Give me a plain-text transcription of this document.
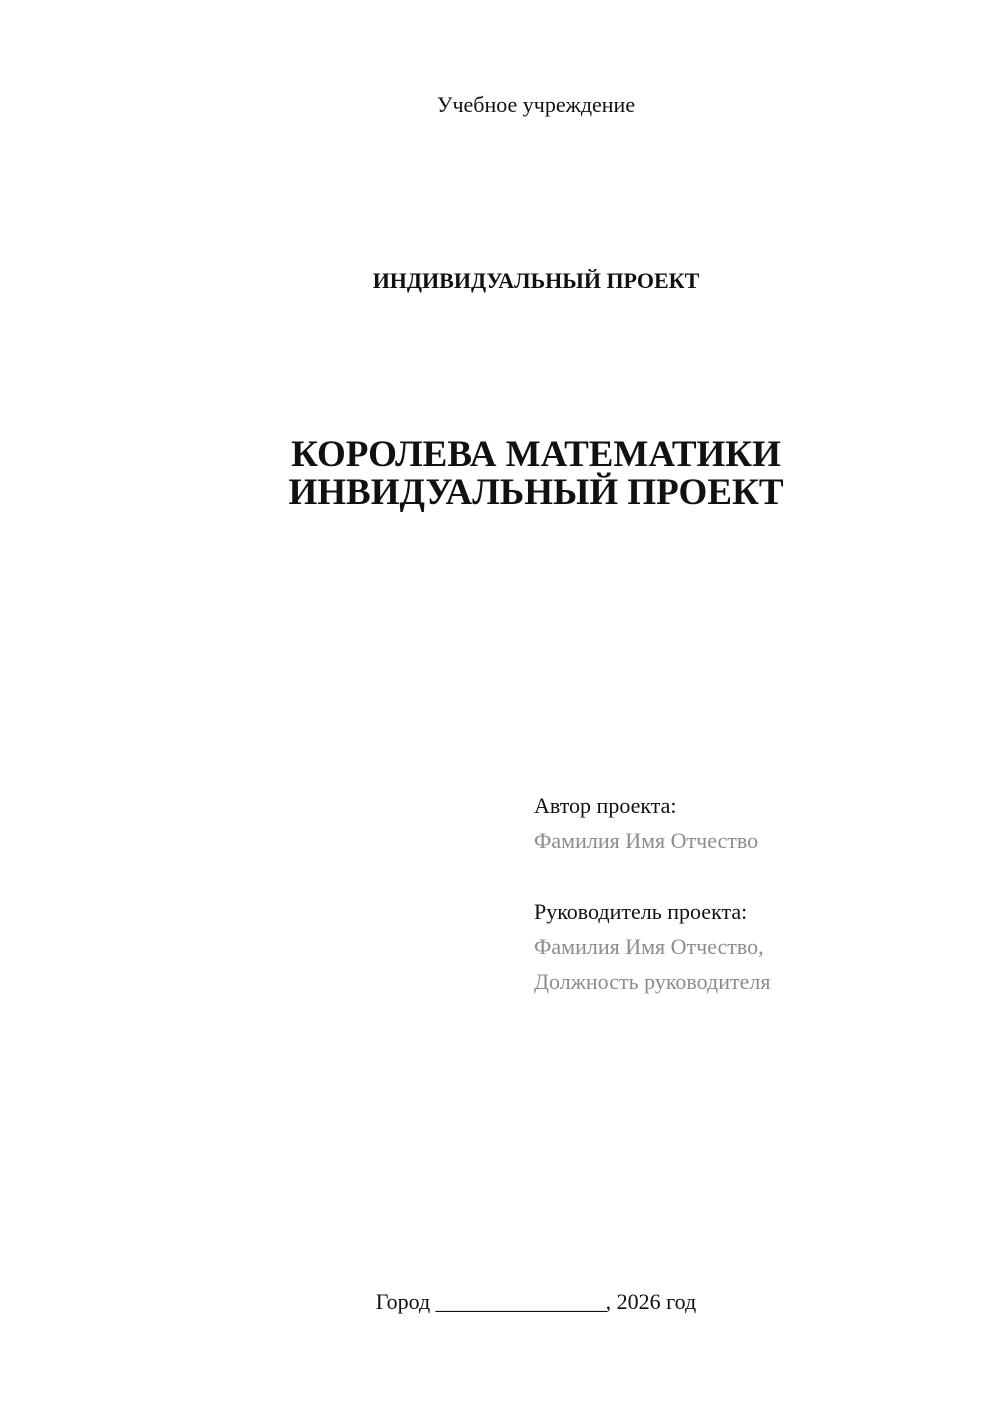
Учебное учреждение
ИНДИВИДУАЛЬНЫЙ ПРОЕКТ
КОРОЛЕВА МАТЕМАТИКИ
ИНВИДУАЛЬНЫЙ ПРОЕКТ
Автор проекта:
Фамилия Имя Отчество
Руководитель проекта:
Фамилия Имя Отчество,
Должность руководителя
Город _________________, 2026 год
